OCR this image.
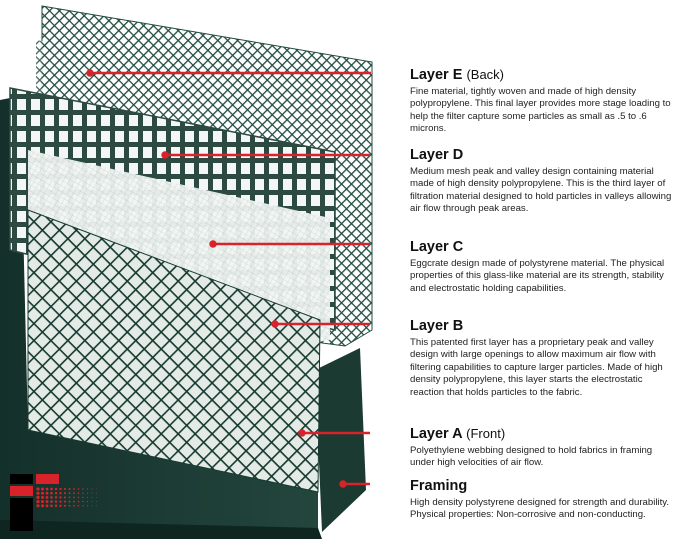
Layer E (Back)

Fine material, tightly woven and made of high density polypropylene. This final layer provides more stage loading to help the filter capture some particles as small as .5 to .6 microns.

Layer D

Medium mesh peak and valley design containing material made of high density polypropylene. This is the third layer of filtration material designed to hold particles in valleys allowing air flow through peak areas.

Layer C

Eggcrate design made of polystyrene material. The physical properties of this glass-like material are its strength, stability and electrostatic holding capabilities.

Layer B

This patented first layer has a proprietary peak and valley design with large openings to allow maximum air flow with filtering capabilities to capture larger particles. Made of high density polypropylene, this layer starts the electrostatic reaction that holds particles to the fabric.

Layer A (Front)

Polyethylene webbing designed to hold fabrics in framing under high velocities of air flow.

Framing

High density polystyrene designed for strength and durability. Physical properties: Non-corrosive and non-conducting.
